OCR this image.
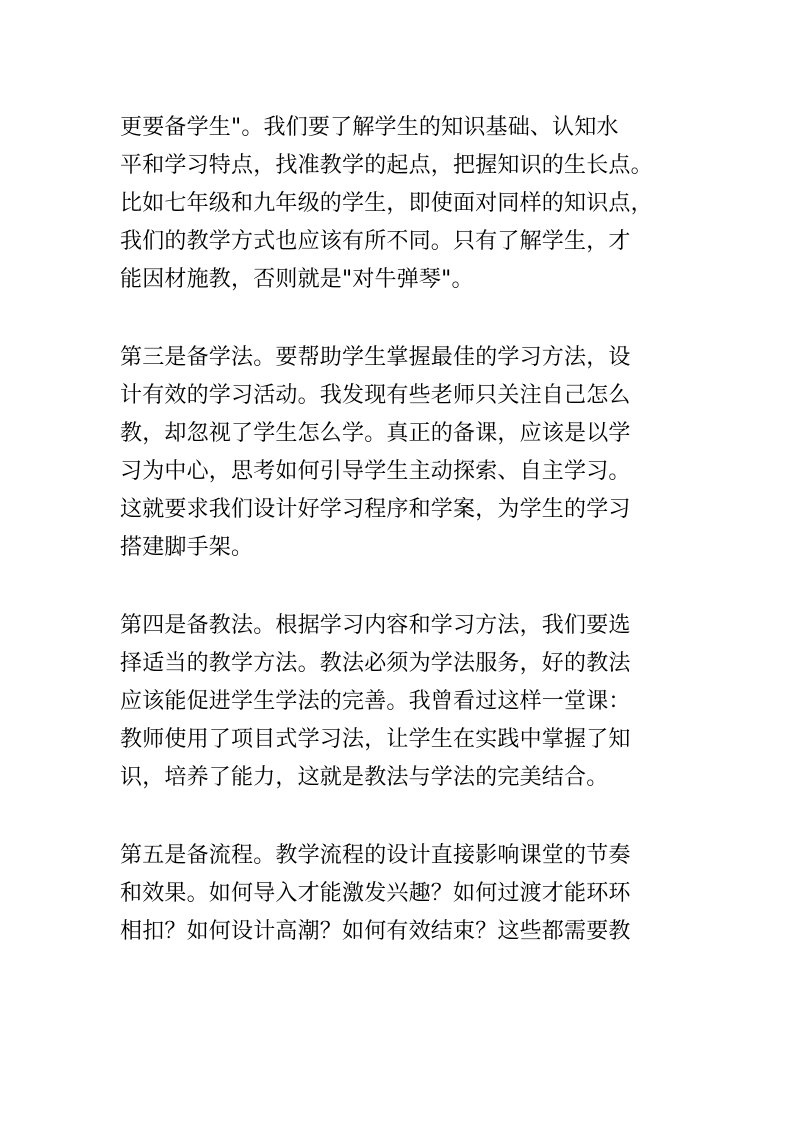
更要备学生"。我们要了解学生的知识基础、认知水
平和学习特点，找准教学的起点，把握知识的生长点。
比如七年级和九年级的学生，即使面对同样的知识点，
我们的教学方式也应该有所不同。只有了解学生，才
能因材施教，否则就是"对牛弹琴"。

第三是备学法。要帮助学生掌握最佳的学习方法，设
计有效的学习活动。我发现有些老师只关注自己怎么
教，却忽视了学生怎么学。真正的备课，应该是以学
习为中心，思考如何引导学生主动探索、自主学习。
这就要求我们设计好学习程序和学案，为学生的学习
搭建脚手架。

第四是备教法。根据学习内容和学习方法，我们要选
择适当的教学方法。教法必须为学法服务，好的教法
应该能促进学生学法的完善。我曾看过这样一堂课：
教师使用了项目式学习法，让学生在实践中掌握了知
识，培养了能力，这就是教法与学法的完美结合。

第五是备流程。教学流程的设计直接影响课堂的节奏
和效果。如何导入才能激发兴趣？如何过渡才能环环
相扣？如何设计高潮？如何有效结束？这些都需要教
